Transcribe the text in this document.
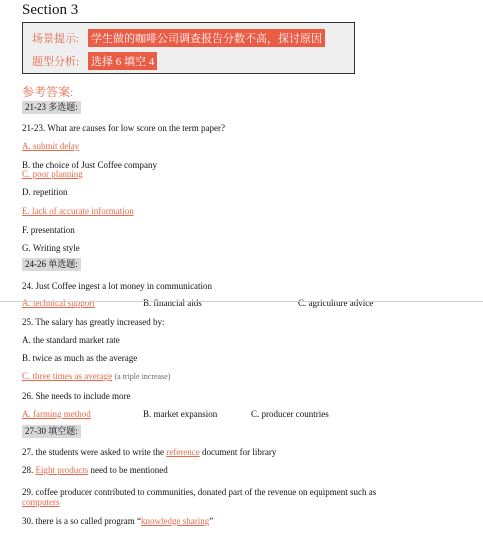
Section 3
场景提示: 学生做的咖啡公司调查报告分数不高，探讨原因
题型分析: 选择 6 填空 4
参考答案:
21-23 多选题:
21-23. What are causes for low score on the term paper?
A. submit delay
B. the choice of Just Coffee company
C. poor planning
D. repetition
E. lack of accurate information
F. presentation
G. Writing style
24-26 单选题:
24. Just Coffee ingest a lot money in communication
A. technical support	B. financial aids	C. agriculture advice
25. The salary has greatly increased by:
A. the standard market rate
B. twice as much as the average
C. three times as average (a triple increase)
26. She needs to include more
A. farming method	B. market expansion	C. producer countries
27-30 填空题:
27. the students were asked to write the reference document for library
28. Eight products need to be mentioned
29. coffee producer contributed to communities, donated part of the revenue on equipment such as
computers
30. there is a so called program “knowledge sharing”
